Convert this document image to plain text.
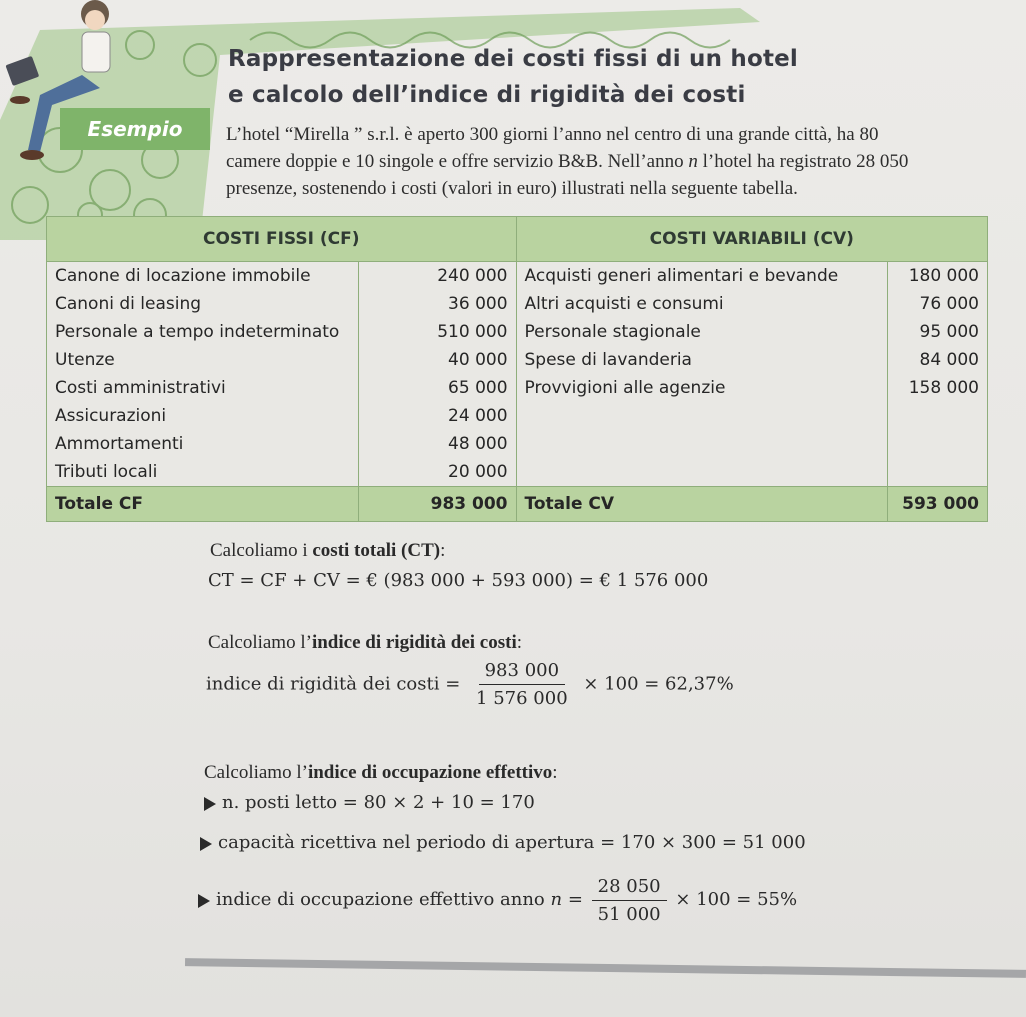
Esempio
Rappresentazione dei costi fissi di un hotel
e calcolo dell’indice di rigidità dei costi
L’hotel “Mirella ” s.r.l. è aperto 300 giorni l’anno nel centro di una grande città, ha 80
camere doppie e 10 singole e offre servizio B&B. Nell’anno n l’hotel ha registrato 28 050
presenze, sostenendo i costi (valori in euro) illustrati nella seguente tabella.
COSTI FISSI (CF)		COSTI VARIABILI (CV)	
Canone di locazione immobile	240 000	Acquisti generi alimentari e bevande	180 000
Canoni di leasing	36 000	Altri acquisti e consumi	76 000
Personale a tempo indeterminato	510 000	Personale stagionale	95 000
Utenze	40 000	Spese di lavanderia	84 000
Costi amministrativi	65 000	Provvigioni alle agenzie	158 000
Assicurazioni	24 000		
Ammortamenti	48 000		
Tributi locali	20 000		
Totale CF	983 000	Totale CV	593 000
Calcoliamo i costi totali (CT):
CT = CF + CV = € (983 000 + 593 000) = € 1 576 000
Calcoliamo l’indice di rigidità dei costi:
indice di rigidità dei costi = $\frac{983 000}{1 576 000} \times 100 = 62,37\%$
Calcoliamo l’indice di occupazione effettivo:
n. posti letto = 80 × 2 + 10 = 170
capacità ricettiva nel periodo di apertura = 170 × 300 = 51 000
indice di occupazione effettivo anno $n = \frac{28 050}{51 000} \times 100 = 55\%$
